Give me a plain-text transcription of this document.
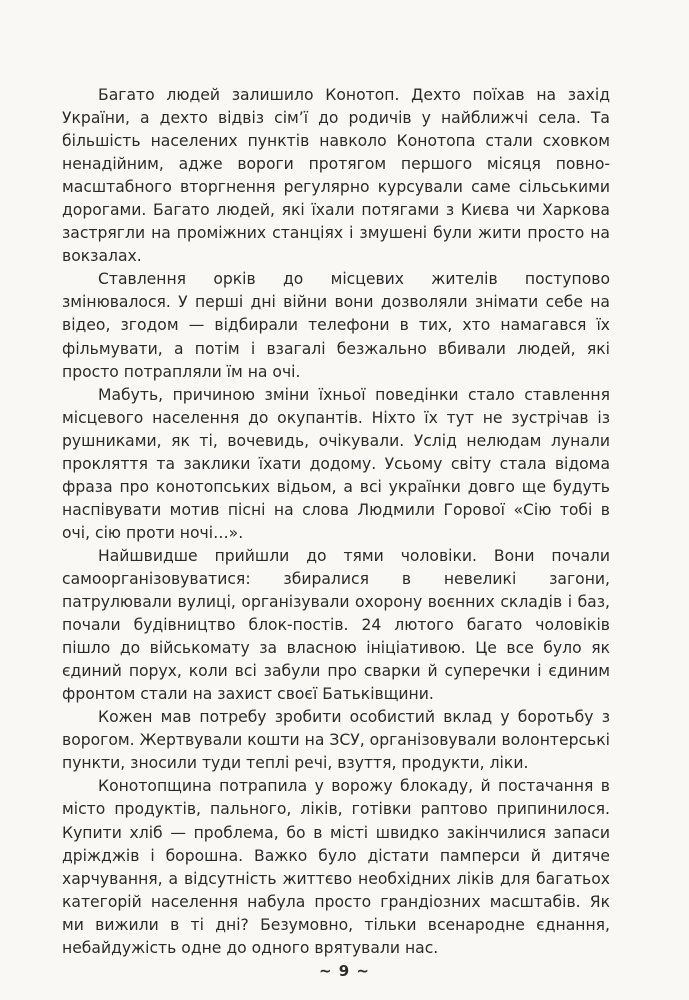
Багато людей залишило Конотоп. Дехто поїхав на захід України, а дехто відвіз сім’ї до родичів у найближчі села. Та більшість населених пунктів навколо Конотопа стали сховком ненадійним, адже вороги протягом першого місяця повномасштабного вторгнення регулярно курсували саме сільськими дорогами. Багато людей, які їхали потягами з Києва чи Харкова застрягли на проміжних станціях і змушені були жити просто на вокзалах.

Ставлення орків до місцевих жителів поступово змінювалося. У перші дні війни вони дозволяли знімати себе на відео, згодом — відбирали телефони в тих, хто намагався їх фільмувати, а потім і взагалі безжально вбивали людей, які просто потрапляли їм на очі.

Мабуть, причиною зміни їхньої поведінки стало ставлення місцевого населення до окупантів. Ніхто їх тут не зустрічав із рушниками, як ті, вочевидь, очікували. Услід нелюдам лунали прокляття та заклики їхати додому. Усьому світу стала відома фраза про конотопських відьом, а всі українки довго ще будуть наспівувати мотив пісні на слова Людмили Горової «Сію тобі в очі, сію проти ночі…».

Найшвидше прийшли до тями чоловіки. Вони почали самоорганізовуватися: збиралися в невеликі загони, патрулювали вулиці, організували охорону воєнних складів і баз, почали будівництво блок-постів. 24 лютого багато чоловіків пішло до військомату за власною ініціативою. Це все було як єдиний порух, коли всі забули про сварки й суперечки і єдиним фронтом стали на захист своєї Батьківщини.

Кожен мав потребу зробити особистий вклад у боротьбу з ворогом. Жертвували кошти на ЗСУ, організовували волонтерські пункти, зносили туди теплі речі, взуття, продукти, ліки.

Конотопщина потрапила у ворожу блокаду, й постачання в місто продуктів, пального, ліків, готівки раптово припинилося. Купити хліб — проблема, бо в місті швидко закінчилися запаси дріжджів і борошна. Важко було дістати памперси й дитяче харчування, а відсутність життєво необхідних ліків для багатьох категорій населення набула просто грандіозних масштабів. Як ми вижили в ті дні? Безумовно, тільки всенародне єднання, небайдужість одне до одного врятували нас.

~ 9 ~
